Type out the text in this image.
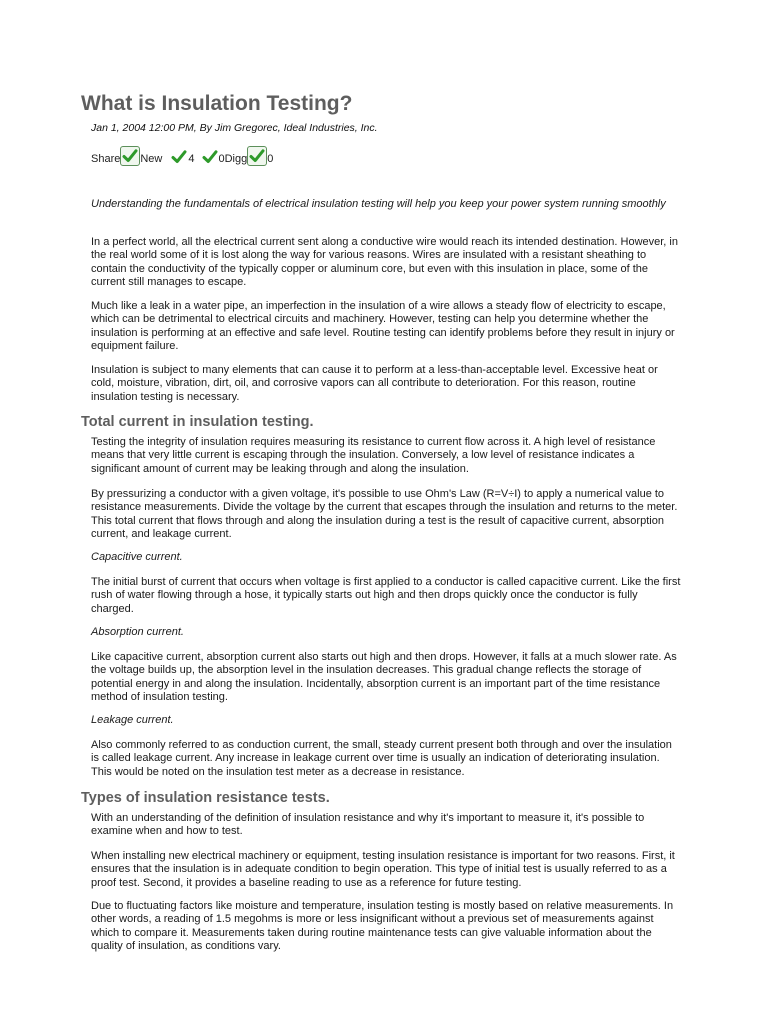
What is Insulation Testing?
Jan 1, 2004 12:00 PM, By Jim Gregorec, Ideal Industries, Inc.
Share New 4 0Digg 0

Understanding the fundamentals of electrical insulation testing will help you keep your power system running smoothly

In a perfect world, all the electrical current sent along a conductive wire would reach its intended destination. However, in the real world some of it is lost along the way for various reasons. Wires are insulated with a resistant sheathing to contain the conductivity of the typically copper or aluminum core, but even with this insulation in place, some of the current still manages to escape.

Much like a leak in a water pipe, an imperfection in the insulation of a wire allows a steady flow of electricity to escape, which can be detrimental to electrical circuits and machinery. However, testing can help you determine whether the insulation is performing at an effective and safe level. Routine testing can identify problems before they result in injury or equipment failure.

Insulation is subject to many elements that can cause it to perform at a less-than-acceptable level. Excessive heat or cold, moisture, vibration, dirt, oil, and corrosive vapors can all contribute to deterioration. For this reason, routine insulation testing is necessary.

Total current in insulation testing.

Testing the integrity of insulation requires measuring its resistance to current flow across it. A high level of resistance means that very little current is escaping through the insulation. Conversely, a low level of resistance indicates a significant amount of current may be leaking through and along the insulation.

By pressurizing a conductor with a given voltage, it's possible to use Ohm's Law (R=V÷I) to apply a numerical value to resistance measurements. Divide the voltage by the current that escapes through the insulation and returns to the meter. This total current that flows through and along the insulation during a test is the result of capacitive current, absorption current, and leakage current.

Capacitive current.

The initial burst of current that occurs when voltage is first applied to a conductor is called capacitive current. Like the first rush of water flowing through a hose, it typically starts out high and then drops quickly once the conductor is fully charged.

Absorption current.

Like capacitive current, absorption current also starts out high and then drops. However, it falls at a much slower rate. As the voltage builds up, the absorption level in the insulation decreases. This gradual change reflects the storage of potential energy in and along the insulation. Incidentally, absorption current is an important part of the time resistance method of insulation testing.

Leakage current.

Also commonly referred to as conduction current, the small, steady current present both through and over the insulation is called leakage current. Any increase in leakage current over time is usually an indication of deteriorating insulation. This would be noted on the insulation test meter as a decrease in resistance.

Types of insulation resistance tests.

With an understanding of the definition of insulation resistance and why it's important to measure it, it's possible to examine when and how to test.

When installing new electrical machinery or equipment, testing insulation resistance is important for two reasons. First, it ensures that the insulation is in adequate condition to begin operation. This type of initial test is usually referred to as a proof test. Second, it provides a baseline reading to use as a reference for future testing.

Due to fluctuating factors like moisture and temperature, insulation testing is mostly based on relative measurements. In other words, a reading of 1.5 megohms is more or less insignificant without a previous set of measurements against which to compare it. Measurements taken during routine maintenance tests can give valuable information about the quality of insulation, as conditions vary.
